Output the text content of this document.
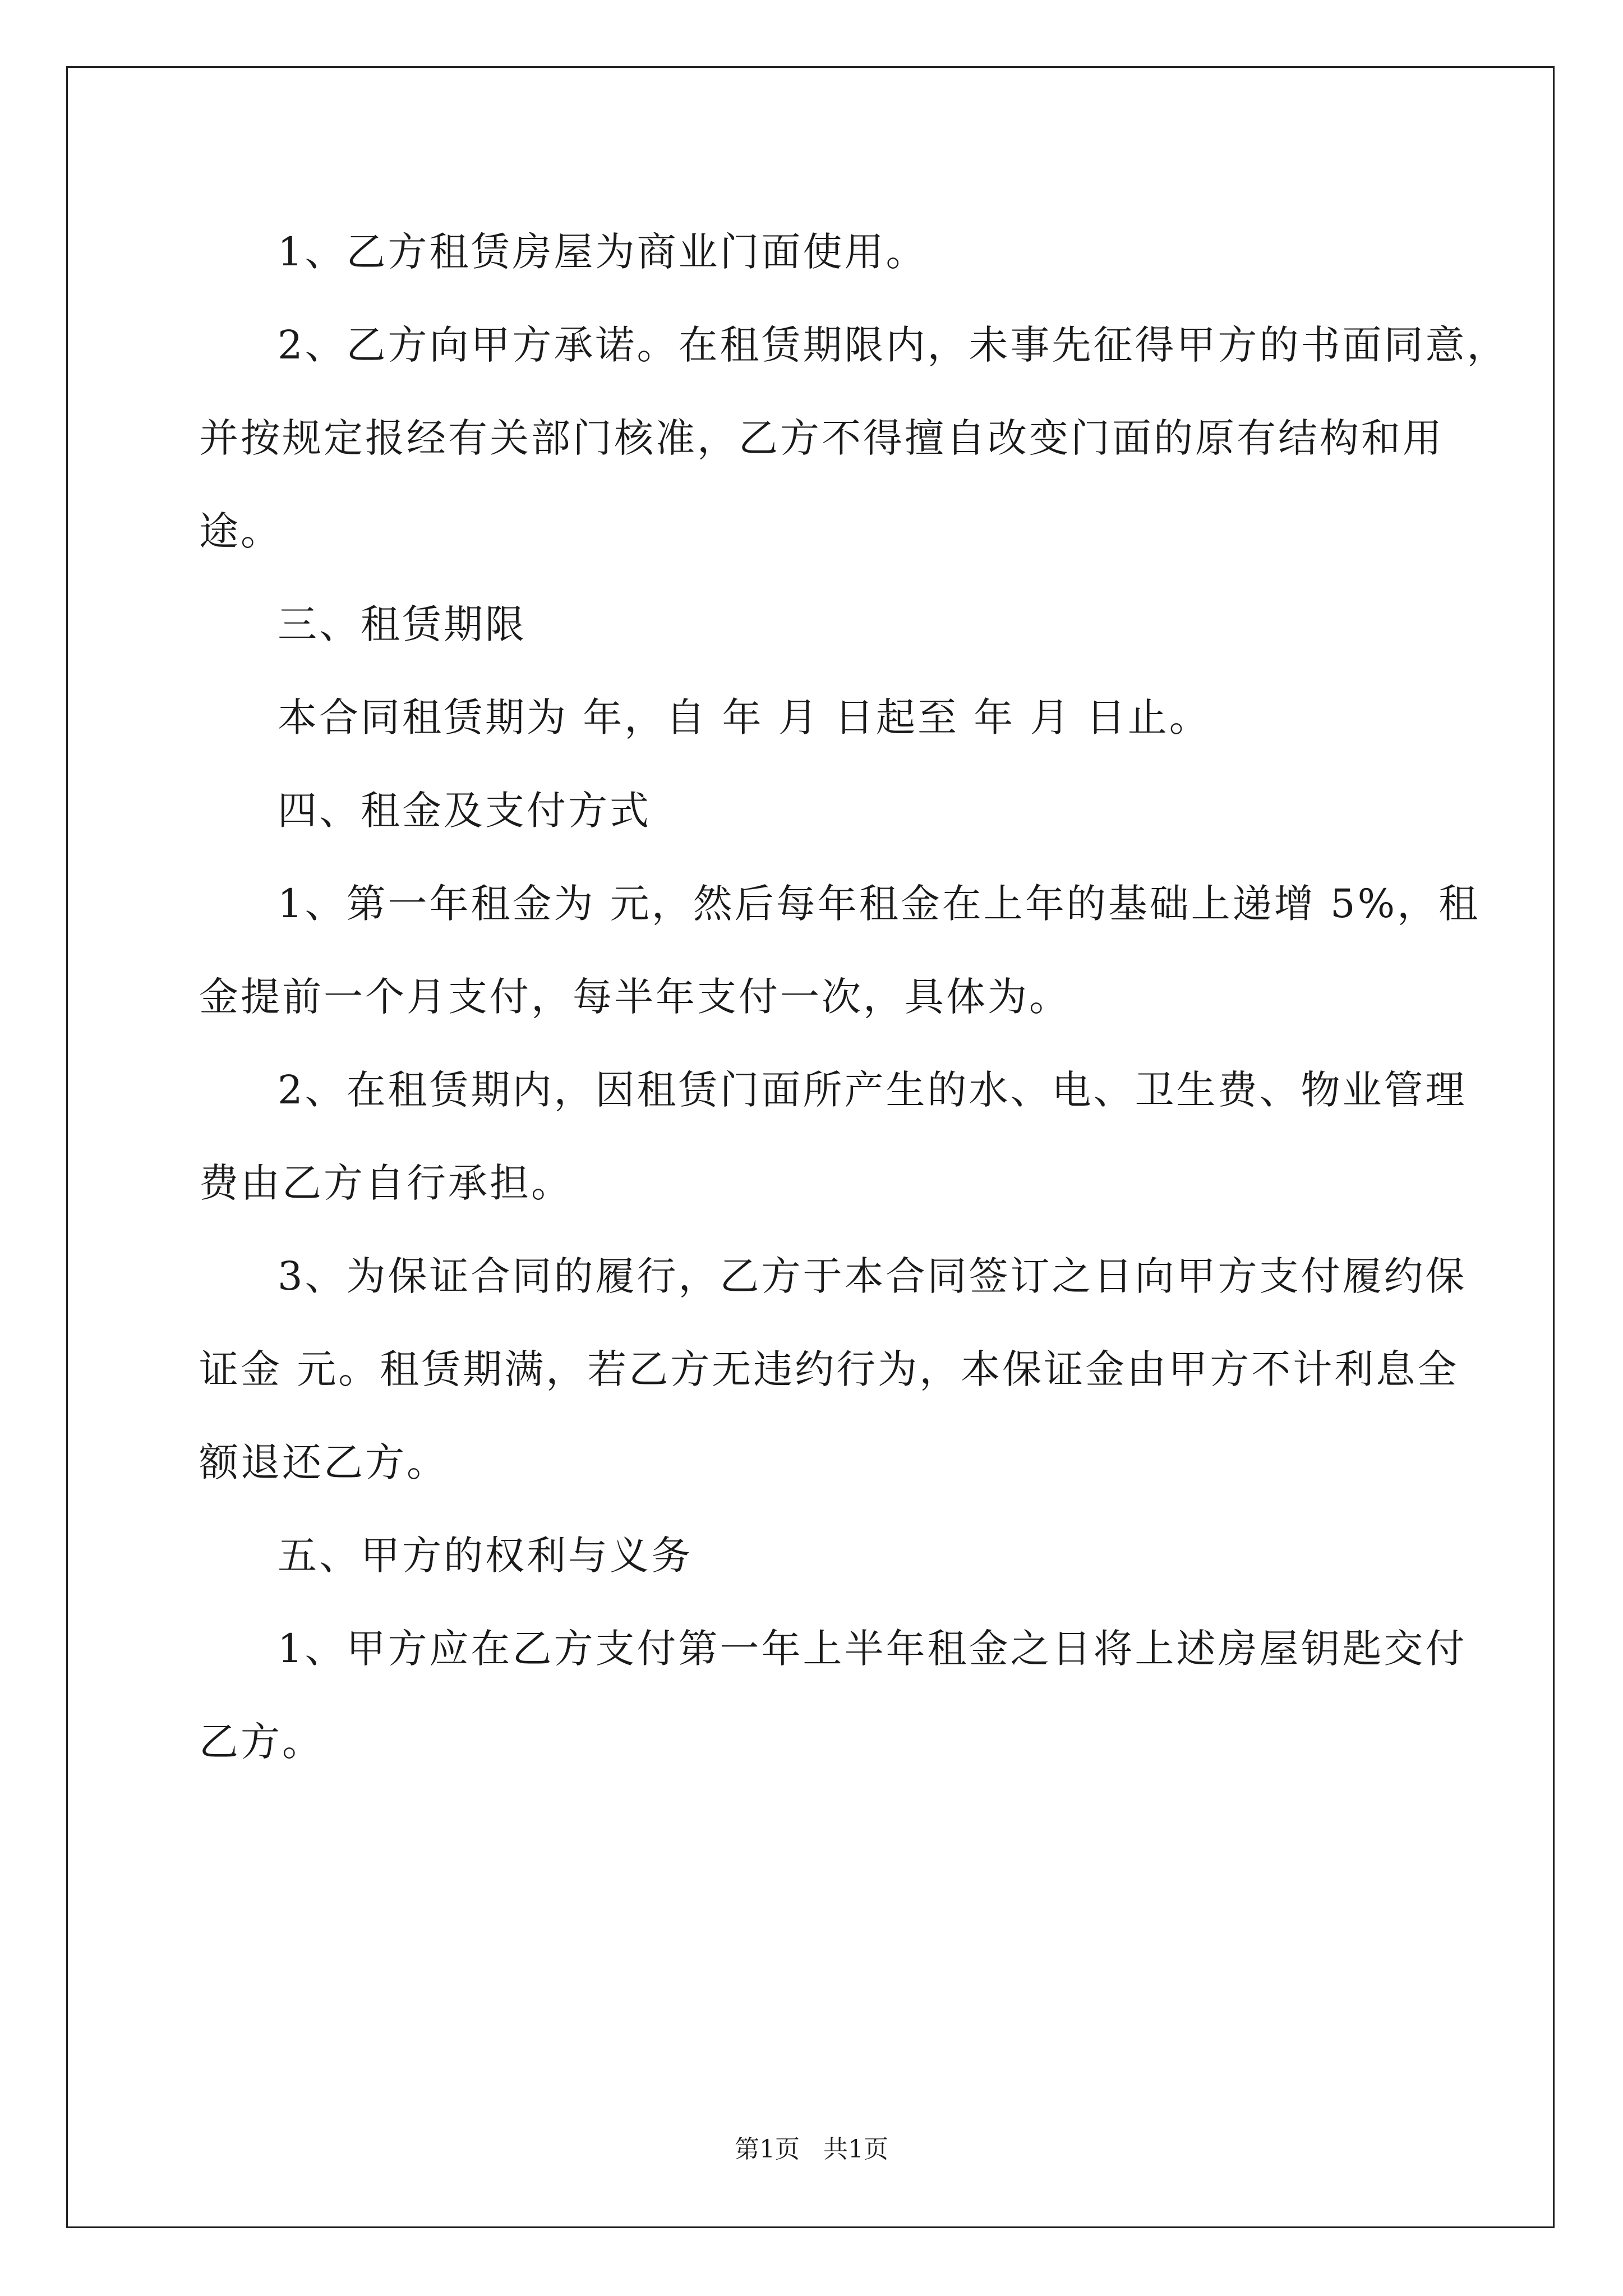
1、乙方租赁房屋为商业门面使用。

2、乙方向甲方承诺。在租赁期限内，未事先征得甲方的书面同意，

并按规定报经有关部门核准，乙方不得擅自改变门面的原有结构和用

途。

三、租赁期限

本合同租赁期为 年，自 年 月 日起至 年 月 日止。

四、租金及支付方式

1、第一年租金为 元，然后每年租金在上年的基础上递增 5%，租

金提前一个月支付，每半年支付一次，具体为。

2、在租赁期内，因租赁门面所产生的水、电、卫生费、物业管理

费由乙方自行承担。

3、为保证合同的履行，乙方于本合同签订之日向甲方支付履约保

证金 元。租赁期满，若乙方无违约行为，本保证金由甲方不计利息全

额退还乙方。

五、甲方的权利与义务

1、甲方应在乙方支付第一年上半年租金之日将上述房屋钥匙交付

乙方。

第1页   共1页
